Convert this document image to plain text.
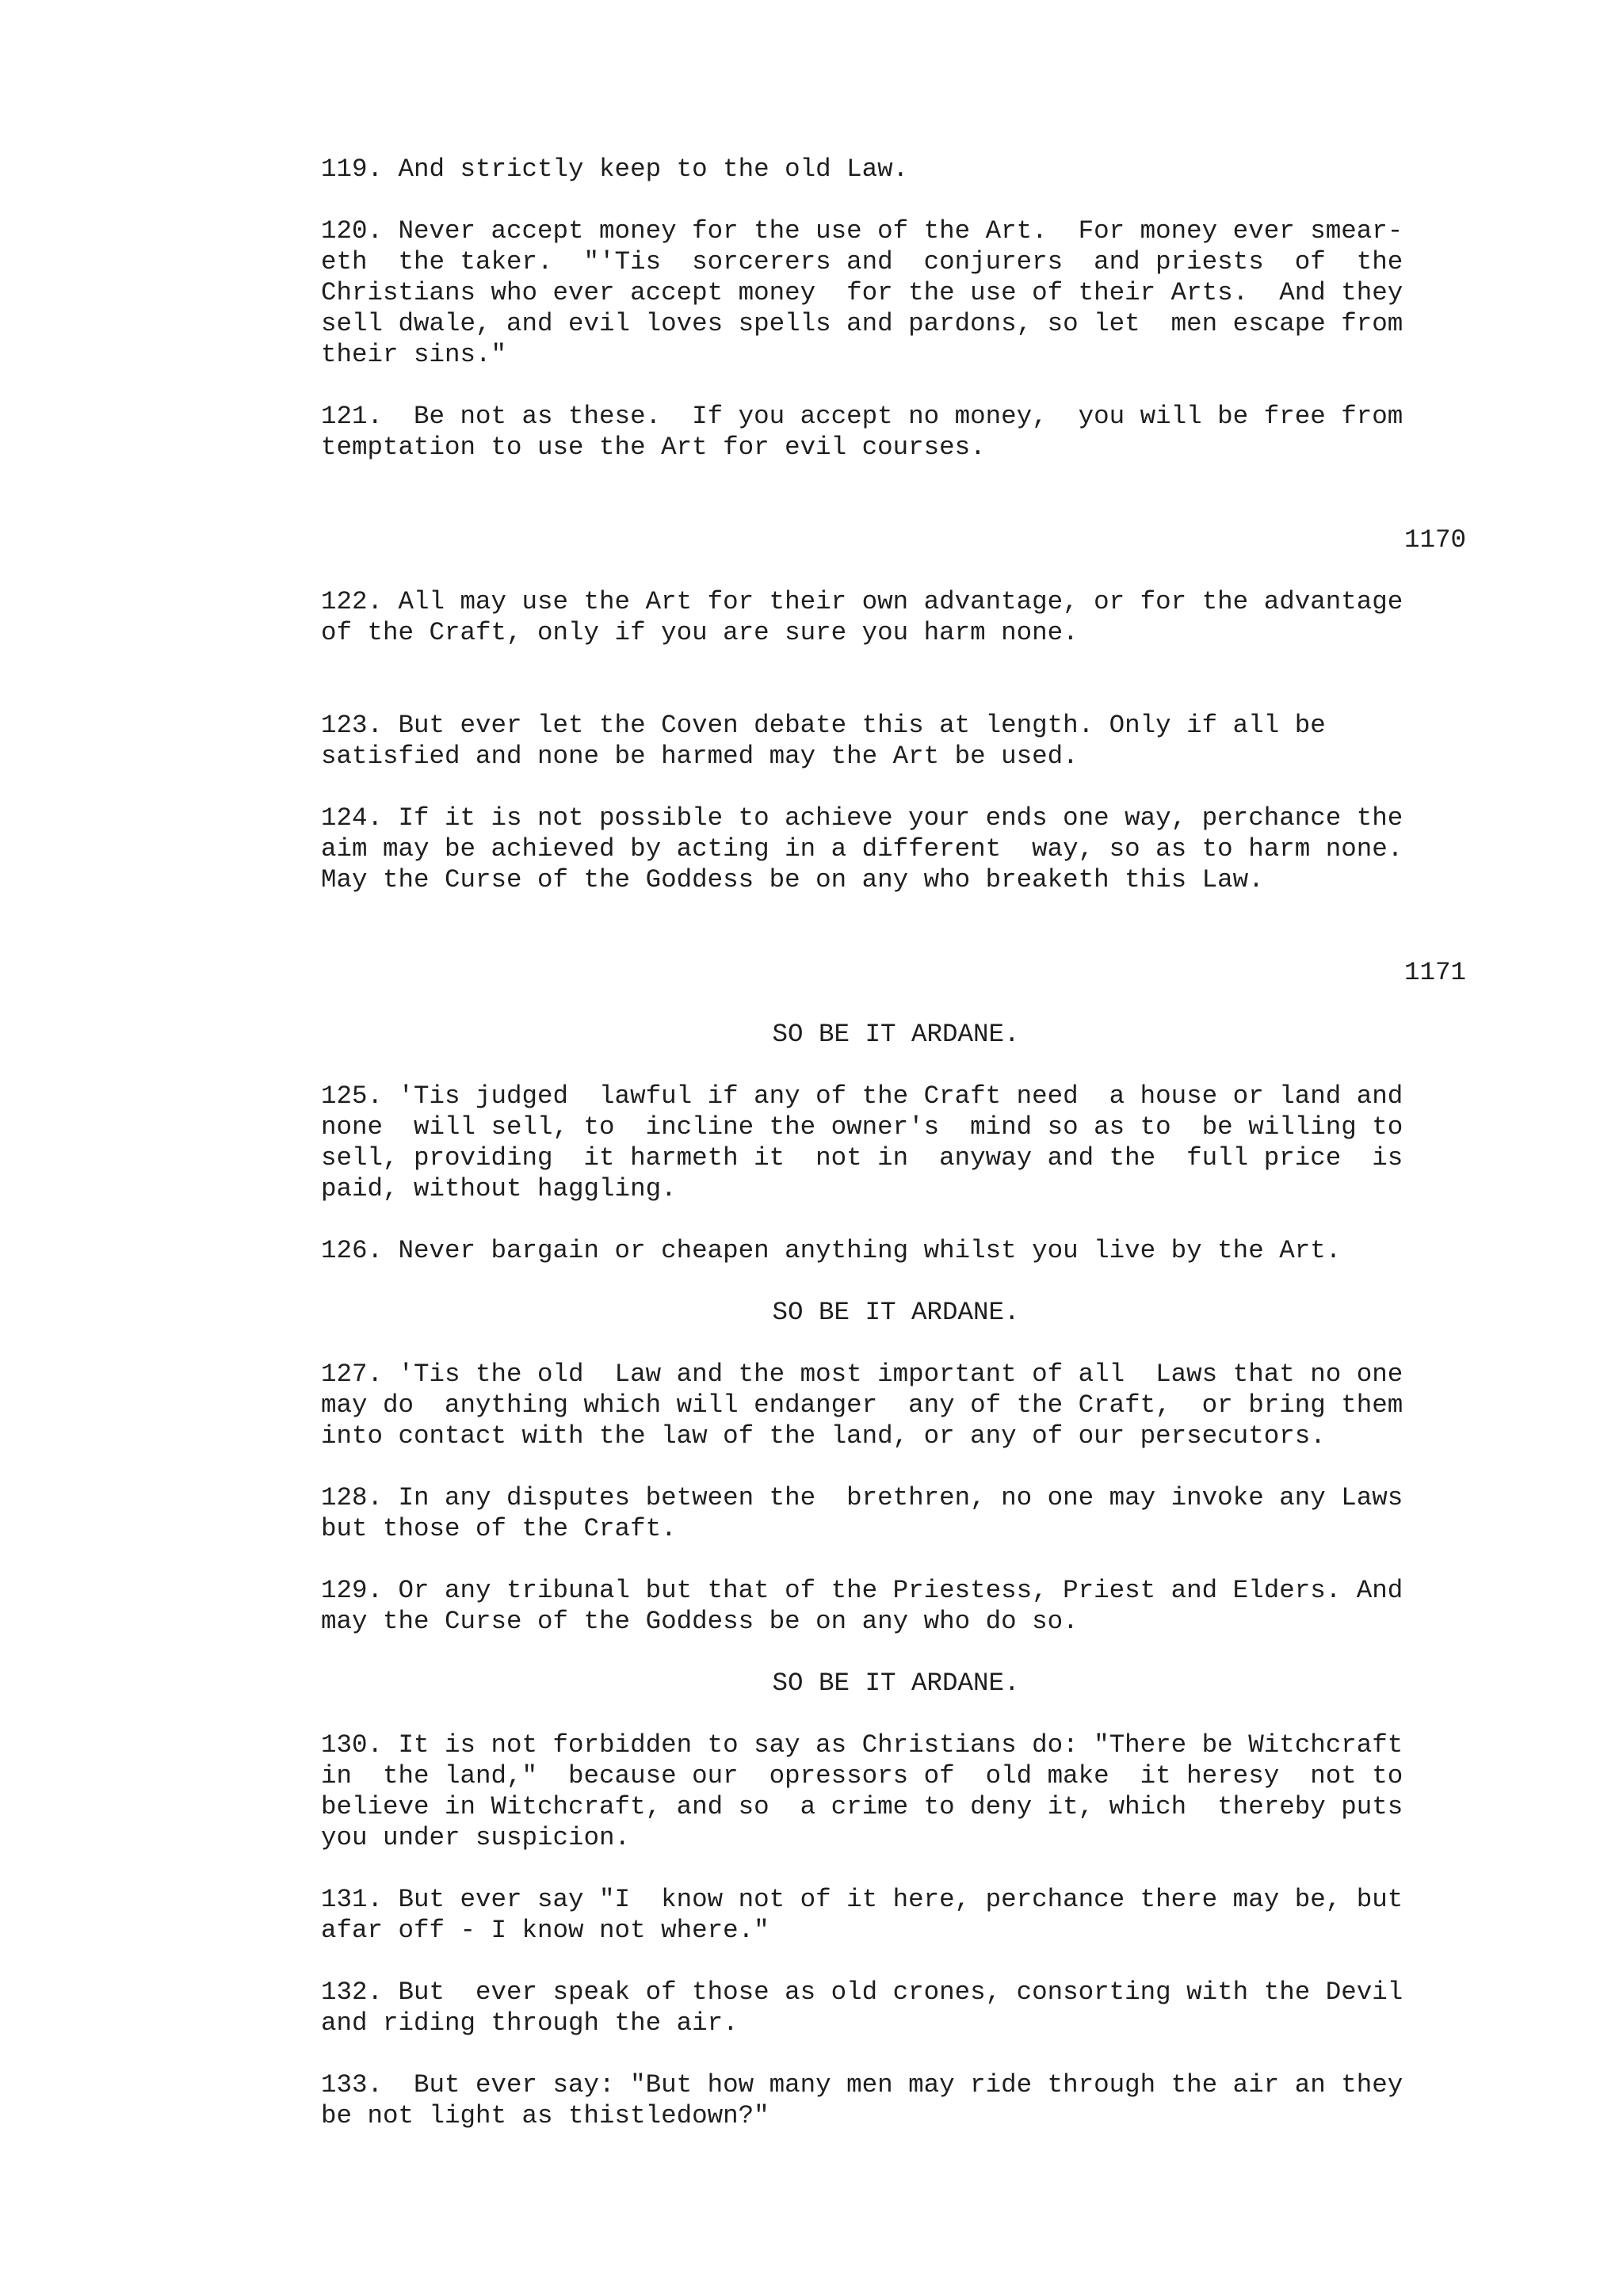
119. And strictly keep to the old Law.

120. Never accept money for the use of the Art.  For money ever smear-
eth  the taker.  "'Tis  sorcerers and  conjurers  and priests  of  the
Christians who ever accept money  for the use of their Arts.  And they
sell dwale, and evil loves spells and pardons, so let  men escape from
their sins."

121.  Be not as these.  If you accept no money,  you will be free from
temptation to use the Art for evil courses.

1170

122. All may use the Art for their own advantage, or for the advantage
of the Craft, only if you are sure you harm none.

123. But ever let the Coven debate this at length. Only if all be
satisfied and none be harmed may the Art be used.

124. If it is not possible to achieve your ends one way, perchance the
aim may be achieved by acting in a different  way, so as to harm none.
May the Curse of the Goddess be on any who breaketh this Law.

1171

SO BE IT ARDANE.

125. 'Tis judged  lawful if any of the Craft need  a house or land and
none  will sell, to  incline the owner's  mind so as to  be willing to
sell, providing  it harmeth it  not in  anyway and the  full price  is
paid, without haggling.

126. Never bargain or cheapen anything whilst you live by the Art.

SO BE IT ARDANE.

127. 'Tis the old  Law and the most important of all  Laws that no one
may do  anything which will endanger  any of the Craft,  or bring them
into contact with the law of the land, or any of our persecutors.

128. In any disputes between the  brethren, no one may invoke any Laws
but those of the Craft.

129. Or any tribunal but that of the Priestess, Priest and Elders. And
may the Curse of the Goddess be on any who do so.

SO BE IT ARDANE.

130. It is not forbidden to say as Christians do: "There be Witchcraft
in  the land,"  because our  opressors of  old make  it heresy  not to
believe in Witchcraft, and so  a crime to deny it, which  thereby puts
you under suspicion.

131. But ever say "I  know not of it here, perchance there may be, but
afar off - I know not where."

132. But  ever speak of those as old crones, consorting with the Devil
and riding through the air.

133.  But ever say: "But how many men may ride through the air an they
be not light as thistledown?"
